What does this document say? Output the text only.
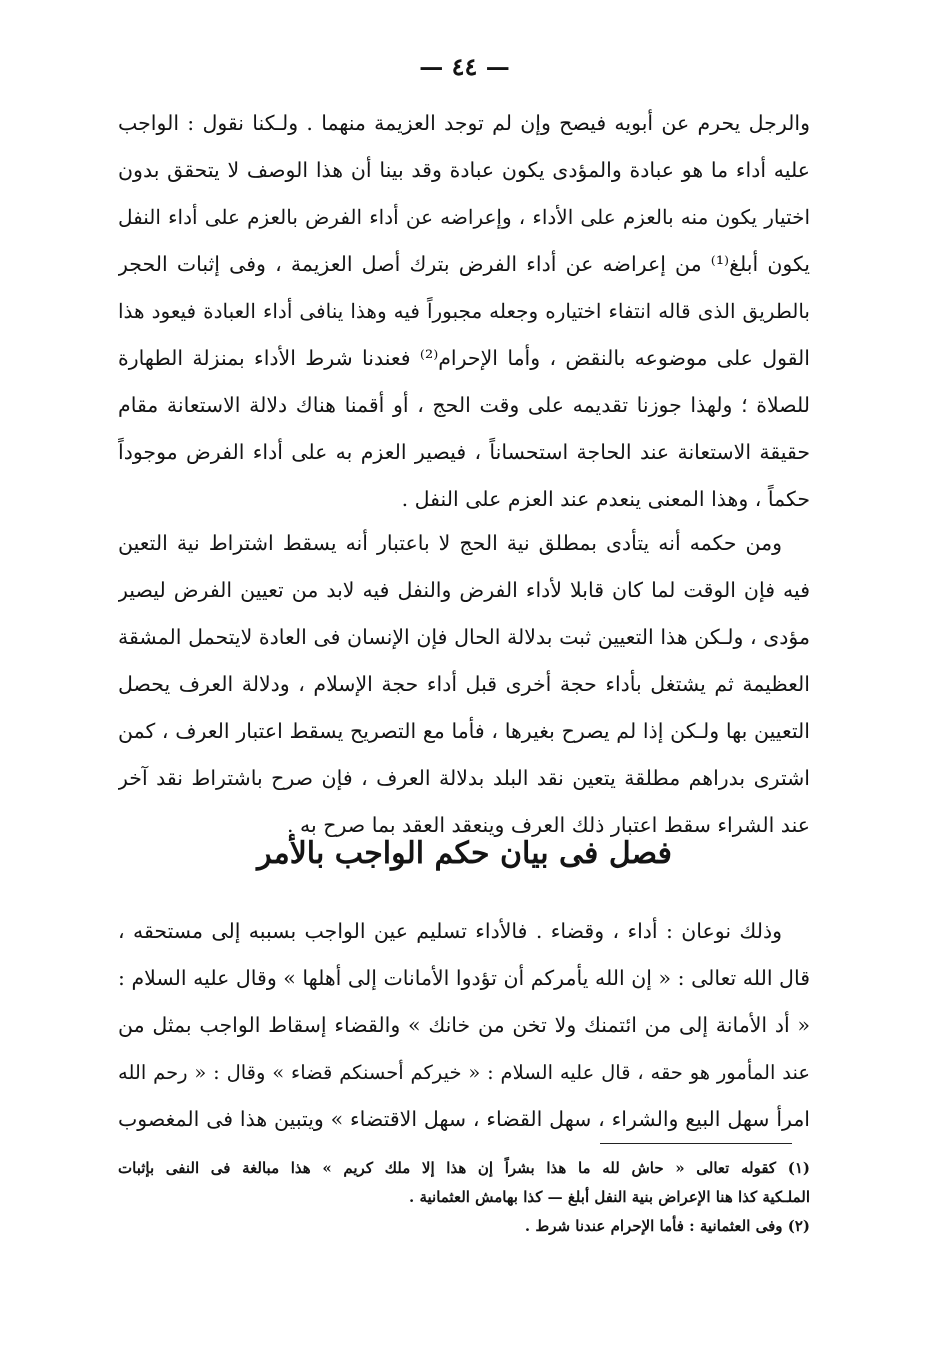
— ٤٤ —
والرجل يحرم عن أبويه فيصح وإن لم توجد العزيمة منهما . ولـكنا نقول : الواجب
عليه أداء ما هو عبادة والمؤدى يكون عبادة وقد بينا أن هذا الوصف لا يتحقق بدون
اختيار يكون منه بالعزم على الأداء ، وإعراضه عن أداء الفرض بالعزم على أداء النفل
يكون أبلغ⁽¹⁾ من إعراضه عن أداء الفرض بترك أصل العزيمة ، وفى إثبات الحجر
بالطريق الذى قاله انتفاء اختياره وجعله مجبوراً فيه وهذا ينافى أداء العبادة فيعود هذا
القول على موضوعه بالنقض ، وأما الإحرام⁽²⁾ فعندنا شرط الأداء بمنزلة الطهارة
للصلاة ؛ ولهذا جوزنا تقديمه على وقت الحج ، أو أقمنا هناك دلالة الاستعانة مقام
حقيقة الاستعانة عند الحاجة استحساناً ، فيصير العزم به على أداء الفرض موجوداً
حكماً ، وهذا المعنى ينعدم عند العزم على النفل .
ومن حكمه أنه يتأدى بمطلق نية الحج لا باعتبار أنه يسقط اشتراط نية التعين
فيه فإن الوقت لما كان قابلا لأداء الفرض والنفل فيه لابد من تعيين الفرض ليصير
مؤدى ، ولـكن هذا التعيين ثبت بدلالة الحال فإن الإنسان فى العادة لايتحمل المشقة
العظيمة ثم يشتغل بأداء حجة أخرى قبل أداء حجة الإسلام ، ودلالة العرف يحصل
التعيين بها ولـكن إذا لم يصرح بغيرها ، فأما مع التصريح يسقط اعتبار العرف ، كمن
اشترى بدراهم مطلقة يتعين نقد البلد بدلالة العرف ، فإن صرح باشتراط نقد آخر
عند الشراء سقط اعتبار ذلك العرف وينعقد العقد بما صرح به .
فصل فى بيان حكم الواجب بالأمر
وذلك نوعان : أداء ، وقضاء . فالأداء تسليم عين الواجب بسببه إلى مستحقه ،
قال الله تعالى : « إن الله يأمركم أن تؤدوا الأمانات إلى أهلها » وقال عليه السلام :
« أد الأمانة إلى من ائتمنك ولا تخن من خانك » والقضاء إسقاط الواجب بمثل من
عند المأمور هو حقه ، قال عليه السلام : « خيركم أحسنكم قضاء » وقال : « رحم الله
امرأ سهل البيع والشراء ، سهل القضاء ، سهل الاقتضاء » ويتبين هذا فى المغصوب
(١) كقوله تعالى « حاش لله ما هذا بشراً إن هذا إلا ملك كريم » هذا مبالغة فى النفى بإثبات
الملـكية كذا هنا الإعراض بنية النفل أبلغ — كذا بهامش العثمانية .
(٢) وفى العثمانية : فأما الإحرام عندنا شرط .
